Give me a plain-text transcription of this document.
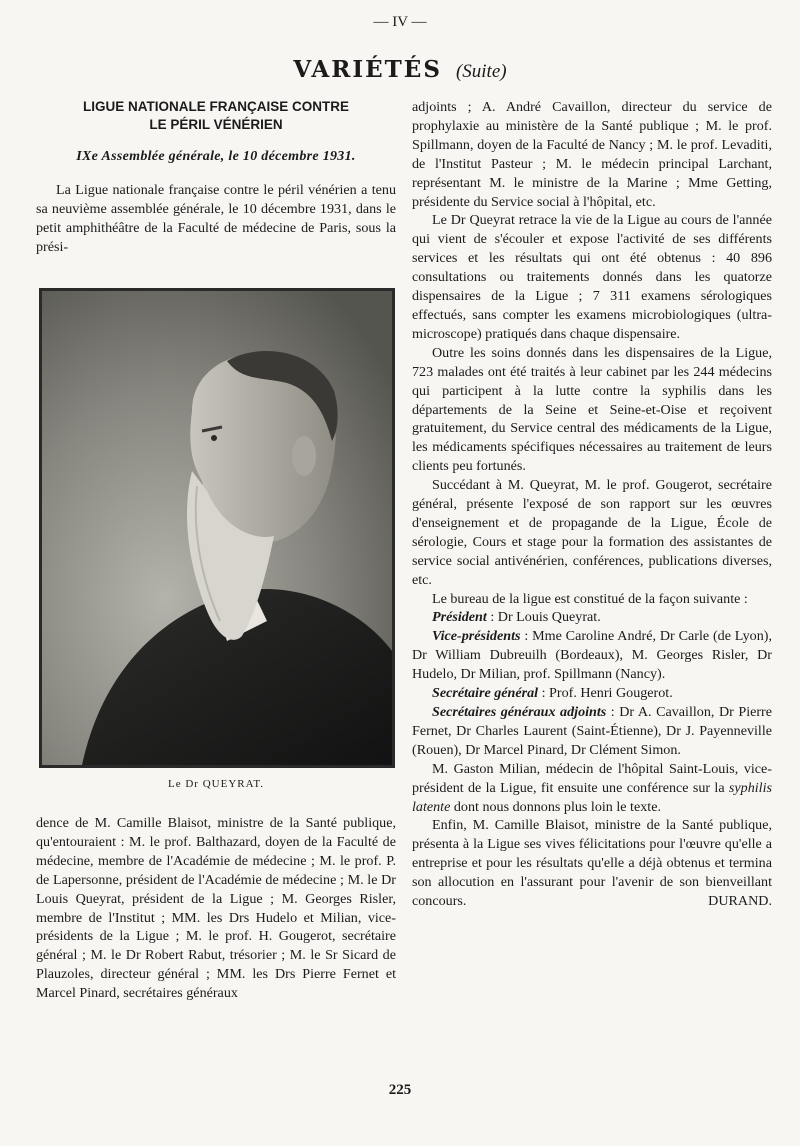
— IV —
VARIÉTÉS (Suite)
LIGUE NATIONALE FRANÇAISE CONTRE
LE PÉRIL VÉNÉRIEN

IXe Assemblée générale, le 10 décembre 1931.

La Ligue nationale française contre le péril vénérien a tenu sa neuvième assemblée générale, le 10 décembre 1931, dans le petit amphithéâtre de la Faculté de médecine de Paris, sous la prési-

Le Dr QUEYRAT.

dence de M. Camille Blaisot, ministre de la Santé publique, qu'entouraient : M. le prof. Balthazard, doyen de la Faculté de médecine, membre de l'Académie de médecine ; M. le prof. P. de Lapersonne, président de l'Académie de médecine ; M. le Dr Louis Queyrat, président de la Ligue ; M. Georges Risler, membre de l'Institut ; MM. les Drs Hudelo et Milian, vice-présidents de la Ligue ; M. le prof. H. Gougerot, secrétaire général ; M. le Dr Robert Rabut, trésorier ; M. le Sr Sicard de Plauzoles, directeur général ; MM. les Drs Pierre Fernet et Marcel Pinard, secrétaires généraux

adjoints ; A. André Cavaillon, directeur du service de prophylaxie au ministère de la Santé publique ; M. le prof. Spillmann, doyen de la Faculté de Nancy ; M. le prof. Levaditi, de l'Institut Pasteur ; M. le médecin principal Larchant, représentant M. le ministre de la Marine ; Mme Getting, présidente du Service social à l'hôpital, etc.

Le Dr Queyrat retrace la vie de la Ligue au cours de l'année qui vient de s'écouler et expose l'activité de ses différents services et les résultats qui ont été obtenus : 40 896 consultations ou traitements donnés dans les quatorze dispensaires de la Ligue ; 7 311 examens sérologiques effectués, sans compter les examens microbiologiques (ultra-microscope) pratiqués dans chaque dispensaire.

Outre les soins donnés dans les dispensaires de la Ligue, 723 malades ont été traités à leur cabinet par les 244 médecins qui participent à la lutte contre la syphilis dans les départements de la Seine et Seine-et-Oise et reçoivent gratuitement, du Service central des médicaments de la Ligue, les médicaments spécifiques nécessaires au traitement de leurs clients peu fortunés.

Succédant à M. Queyrat, M. le prof. Gougerot, secrétaire général, présente l'exposé de son rapport sur les œuvres d'enseignement et de propagande de la Ligue, École de sérologie, Cours et stage pour la formation des assistantes de service social antivénérien, conférences, publications diverses, etc.

Le bureau de la ligue est constitué de la façon suivante :

Président : Dr Louis Queyrat.

Vice-présidents : Mme Caroline André, Dr Carle (de Lyon), Dr William Dubreuilh (Bordeaux), M. Georges Risler, Dr Hudelo, Dr Milian, prof. Spillmann (Nancy).

Secrétaire général : Prof. Henri Gougerot.

Secrétaires généraux adjoints : Dr A. Cavaillon, Dr Pierre Fernet, Dr Charles Laurent (Saint-Étienne), Dr J. Payenneville (Rouen), Dr Marcel Pinard, Dr Clément Simon.

M. Gaston Milian, médecin de l'hôpital Saint-Louis, vice-président de la Ligue, fit ensuite une conférence sur la syphilis latente dont nous donnons plus loin le texte.

Enfin, M. Camille Blaisot, ministre de la Santé publique, présenta à la Ligue ses vives félicitations pour l'œuvre qu'elle a entreprise et pour les résultats qu'elle a déjà obtenus et termina son allocution en l'assurant pour l'avenir de son bienveillant concours.	DURAND.

225
